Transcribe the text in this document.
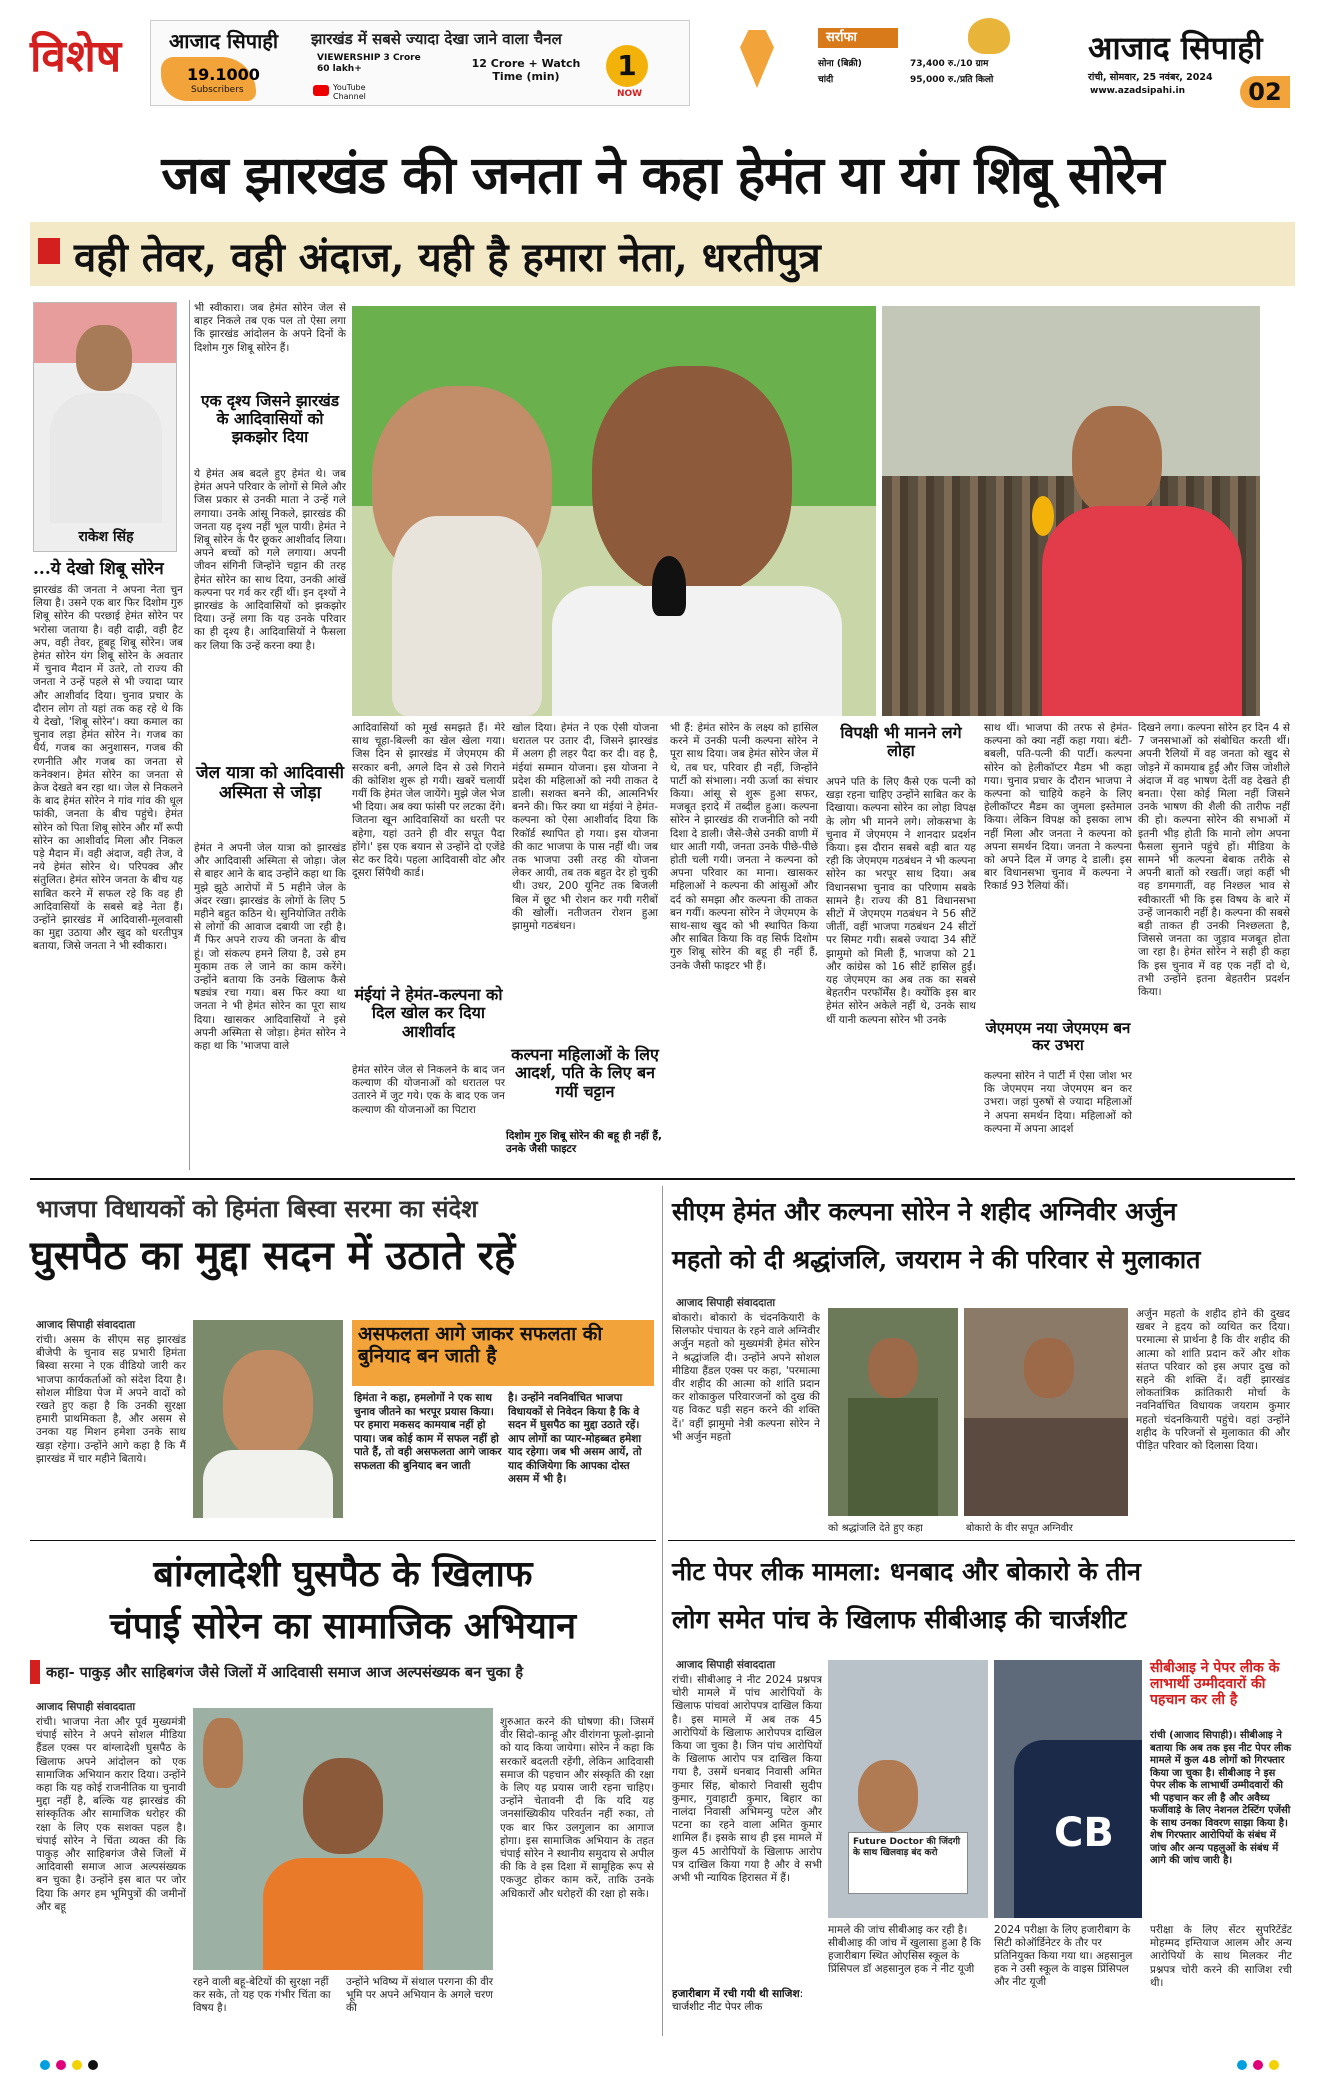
विशेष आजाद सिपाही
19.1000
Subscribers
झारखंड में सबसे ज्यादा देखा जाने वाला चैनल
VIEWERSHIP 3 Crore 60 lakh+	12 Crore + Watch Time (min)
YouTube Channel
1
NOW
सर्राफा
सोना (बिक्री)	73,400 रु./10 ग्राम
चांदी	95,000 रु./प्रति किलो
आजाद सिपाही
रांची, सोमवार, 25 नवंबर, 2024
www.azadsipahi.in	02
जब झारखंड की जनता ने कहा हेमंत या यंग शिबू सोरेन
वही तेवर, वही अंदाज, यही है हमारा नेता, धरतीपुत्र
राकेश सिंह
...ये देखो शिबू सोरेन
झारखंड की जनता ने अपना नेता चुन लिया है। उसने एक बार फिर दिशोम गुरु शिबू सोरेन की परछाई हेमंत सोरेन पर भरोसा जताया है। वही दाढ़ी, वही हैट अप, वही तेवर, हूबहू शिबू सोरेन। जब हेमंत सोरेन यंग शिबू सोरेन के अवतार में चुनाव मैदान में उतरे, तो राज्य की जनता ने उन्हें पहले से भी ज्यादा प्यार और आशीर्वाद दिया। चुनाव प्रचार के दौरान लोग तो यहां तक कह रहे थे कि ये देखो, 'शिबू सोरेन'। क्या कमाल का चुनाव लड़ा हेमंत सोरेन ने। गजब का धैर्य, गजब का अनुशासन, गजब की रणनीति और गजब का जनता से कनेक्शन। हेमंत सोरेन का जनता से क्रेज देखते बन रहा था। जेल से निकलने के बाद हेमंत सोरेन ने गांव गांव की धूल फांकी, जनता के बीच पहुंचे। हेमंत सोरेन को पिता शिबू सोरेन और माँ रूपी सोरेन का आशीर्वाद मिला और निकल पड़े मैदान में। वही अंदाज, वही तेज, वे नये हेमंत सोरेन थे। परिपक्व और संतुलित। हेमंत सोरेन जनता के बीच यह साबित करने में सफल रहे कि वह ही आदिवासियों के सबसे बड़े नेता हैं। उन्होंने झारखंड में आदिवासी-मूलवासी का मुद्दा उठाया और खुद को धरतीपुत्र बताया, जिसे जनता ने भी स्वीकारा।
भी स्वीकारा। जब हेमंत सोरेन जेल से बाहर निकले तब एक पल तो ऐसा लगा कि झारखंड आंदोलन के अपने दिनों के दिशोम गुरु शिबू सोरेन हैं।
एक दृश्य जिसने झारखंड के आदिवासियों को झकझोर दिया
ये हेमंत अब बदले हुए हेमंत थे। जब हेमंत अपने परिवार के लोगों से मिले और जिस प्रकार से उनकी माता ने उन्हें गले लगाया। उनके आंसू निकले, झारखंड की जनता यह दृश्य नहीं भूल पायी। हेमंत ने शिबू सोरेन के पैर छूकर आशीर्वाद लिया। अपने बच्चों को गले लगाया। अपनी जीवन संगिनी जिन्होंने चट्टान की तरह हेमंत सोरेन का साथ दिया, उनकी आंखें कल्पना पर गर्व कर रहीं थीं। इन दृश्यों ने झारखंड के आदिवासियों को झकझोर दिया। उन्हें लगा कि यह उनके परिवार का ही दृश्य है। आदिवासियों ने फैसला कर लिया कि उन्हें करना क्या है।
जेल यात्रा को आदिवासी अस्मिता से जोड़ा
हेमंत ने अपनी जेल यात्रा को झारखंड और आदिवासी अस्मिता से जोड़ा। जेल से बाहर आने के बाद उन्होंने कहा था कि मुझे झूठे आरोपों में 5 महीने जेल के अंदर रखा। झारखंड के लोगों के लिए 5 महीने बहुत कठिन थे। सुनियोजित तरीके से लोगों की आवाज दबायी जा रही है। मैं फिर अपने राज्य की जनता के बीच हूं। जो संकल्प हमने लिया है, उसे हम मुकाम तक ले जाने का काम करेंगे। उन्होंने बताया कि उनके खिलाफ कैसे षड्यंत्र रचा गया। बस फिर क्या था जनता ने भी हेमंत सोरेन का पूरा साथ दिया। खासकर आदिवासियों ने इसे अपनी अस्मिता से जोड़ा। हेमंत सोरेन ने कहा था कि 'भाजपा वाले
आदिवासियों को मूर्ख समझते हैं। मेरे साथ चूहा-बिल्ली का खेल खेला गया। जिस दिन से झारखंड में जेएमएम की सरकार बनी, अगले दिन से उसे गिराने की कोशिश शुरू हो गयी। खबरें चलायीं गयीं कि हेमंत जेल जायेंगे। मुझे जेल भेज भी दिया। अब क्या फांसी पर लटका देंगे। जितना खून आदिवासियों का धरती पर बहेगा, यहां उतने ही वीर सपूत पैदा होंगे।' इस एक बयान से उन्होंने दो एजेंडे सेट कर दिये। पहला आदिवासी वोट और दूसरा सिंपैथी कार्ड।
मंईयां ने हेमंत-कल्पना को दिल खोल कर दिया आशीर्वाद
हेमंत सोरेन जेल से निकलने के बाद जन कल्याण की योजनाओं को धरातल पर उतारने में जुट गये। एक के बाद एक जन कल्याण की योजनाओं का पिटारा
खोल दिया। हेमंत ने एक ऐसी योजना धरातल पर उतार दी, जिसने झारखंड में अलग ही लहर पैदा कर दी। वह है, मंईयां सम्मान योजना। इस योजना ने प्रदेश की महिलाओं को नयी ताकत दे डाली। सशक्त बनने की, आत्मनिर्भर बनने की। फिर क्या था मंईयां ने हेमंत-कल्पना को ऐसा आशीर्वाद दिया कि रिकॉर्ड स्थापित हो गया। इस योजना की काट भाजपा के पास नहीं थी। जब तक भाजपा उसी तरह की योजना लेकर आयी, तब तक बहुत देर हो चुकी थी। उधर, 200 यूनिट तक बिजली बिल में छूट भी रोशन कर गयी गरीबों की खोलीं। नतीजतन रोशन हुआ झामुमो गठबंधन।
कल्पना महिलाओं के लिए आदर्श, पति के लिए बन गयीं चट्टान
दिशोम गुरु शिबू सोरेन की बहू ही नहीं हैं, उनके जैसी फाइटर
भी हैं: हेमंत सोरेन के लक्ष्य को हासिल करने में उनकी पत्नी कल्पना सोरेन ने पूरा साथ दिया। जब हेमंत सोरेन जेल में थे, तब घर, परिवार ही नहीं, जिन्होंने पार्टी को संभाला। नयी ऊर्जा का संचार किया। आंसू से शुरू हुआ सफर, मजबूत इरादे में तब्दील हुआ। कल्पना सोरेन ने झारखंड की राजनीति को नयी दिशा दे डाली। जैसे-जैसे उनकी वाणी में धार आती गयी, जनता उनके पीछे-पीछे होती चली गयी। जनता ने कल्पना को अपना परिवार का माना। खासकर महिलाओं ने कल्पना की आंसुओं और दर्द को समझा और कल्पना की ताकत बन गयीं। कल्पना सोरेन ने जेएमएम के साथ-साथ खुद को भी स्थापित किया और साबित किया कि वह सिर्फ दिशोम गुरु शिबू सोरेन की बहू ही नहीं हैं, उनके जैसी फाइटर भी हैं।
विपक्षी भी मानने लगे लोहा
अपने पति के लिए कैसे एक पत्नी को खड़ा रहना चाहिए उन्होंने साबित कर के दिखाया। कल्पना सोरेन का लोहा विपक्ष के लोग भी मानने लगे। लोकसभा के चुनाव में जेएमएम ने शानदार प्रदर्शन किया। इस दौरान सबसे बड़ी बात यह रही कि जेएमएम गठबंधन ने भी कल्पना सोरेन का भरपूर साथ दिया। अब विधानसभा चुनाव का परिणाम सबके सामने है। राज्य की 81 विधानसभा सीटों में जेएमएम गठबंधन ने 56 सीटें जीतीं, वहीं भाजपा गठबंधन 24 सीटों पर सिमट गयी। सबसे ज्यादा 34 सीटें झामुमो को मिली हैं, भाजपा को 21 और कांग्रेस को 16 सीटें हासिल हुईं। यह जेएमएम का अब तक का सबसे बेहतरीन परफॉर्मेंस है। क्योंकि इस बार हेमंत सोरेन अकेले नहीं थे, उनके साथ थीं यानी कल्पना सोरेन भी उनके
साथ थीं। भाजपा की तरफ से हेमंत-कल्पना को क्या नहीं कहा गया। बंटी-बबली, पति-पत्नी की पार्टी। कल्पना सोरेन को हेलीकॉप्टर मैडम भी कहा गया। चुनाव प्रचार के दौरान भाजपा ने कल्पना को चाहिये कहने के लिए हेलीकॉप्टर मैडम का जुमला इस्तेमाल किया। लेकिन विपक्ष को इसका लाभ नहीं मिला और जनता ने कल्पना को अपना समर्थन दिया। जनता ने कल्पना को अपने दिल में जगह दे डाली। इस बार विधानसभा चुनाव में कल्पना ने रिकार्ड 93 रैलियां कीं।
जेएमएम नया जेएमएम बन कर उभरा
कल्पना सोरेन ने पार्टी में ऐसा जोश भर कि जेएमएम नया जेएमएम बन कर उभरा। जहां पुरुषों से ज्यादा महिलाओं ने अपना समर्थन दिया। महिलाओं को कल्पना में अपना आदर्श
दिखने लगा। कल्पना सोरेन हर दिन 4 से 7 जनसभाओं को संबोधित करती थीं। अपनी रैलियों में वह जनता को खुद से जोड़ने में कामयाब हुईं और जिस जोशीले अंदाज में वह भाषण देतीं वह देखते ही बनता। ऐसा कोई मिला नहीं जिसने उनके भाषण की शैली की तारीफ नहीं की हो। कल्पना सोरेन की सभाओं में इतनी भीड़ होती कि मानो लोग अपना फैसला सुनाने पहुंचे हों। मीडिया के सामने भी कल्पना बेबाक तरीके से अपनी बातों को रखतीं। जहां कहीं भी वह डगमगातीं, वह निश्छल भाव से स्वीकारतीं भी कि इस विषय के बारे में उन्हें जानकारी नहीं है। कल्पना की सबसे बड़ी ताकत ही उनकी निश्छलता है, जिससे जनता का जुड़ाव मजबूत होता जा रहा है। हेमंत सोरेन ने सही ही कहा कि इस चुनाव में वह एक नहीं दो थे, तभी उन्होंने इतना बेहतरीन प्रदर्शन किया।
भाजपा विधायकों को हिमंता बिस्वा सरमा का संदेश
घुसपैठ का मुद्दा सदन में उठाते रहें
आजाद सिपाही संवाददाता
रांची। असम के सीएम सह झारखंड बीजेपी के चुनाव सह प्रभारी हिमंता बिस्वा सरमा ने एक वीडियो जारी कर भाजपा कार्यकर्ताओं को संदेश दिया है। सोशल मीडिया पेज में अपने वादों को रखते हुए कहा है कि उनकी सुरक्षा हमारी प्राथमिकता है, और असम से उनका यह मिशन हमेशा उनके साथ खड़ा रहेगा। उन्होंने आगे कहा है कि मैं झारखंड में चार महीने बिताये।
असफलता आगे जाकर सफलता की बुनियाद बन जाती है
हिमंता ने कहा, हमलोगों ने एक साथ चुनाव जीतने का भरपूर प्रयास किया। पर हमारा मकसद कामयाब नहीं हो पाया। जब कोई काम में सफल नहीं हो पाते हैं, तो वही असफलता आगे जाकर सफलता की बुनियाद बन जाती
है। उन्होंने नवनिर्वाचित भाजपा विधायकों से निवेदन किया है कि वे सदन में घुसपैठ का मुद्दा उठाते रहें। आप लोगों का प्यार-मोहब्बत हमेशा याद रहेगा। जब भी असम आयें, तो याद कीजियेगा कि आपका दोस्त असम में भी है।
सीएम हेमंत और कल्पना सोरेन ने शहीद अग्निवीर अर्जुन
महतो को दी श्रद्धांजलि, जयराम ने की परिवार से मुलाकात
आजाद सिपाही संवाददाता
बोकारो। बोकारो के चंदनकियारी के सिलफोर पंचायत के रहने वाले अग्निवीर अर्जुन महतो को मुख्यमंत्री हेमंत सोरेन ने श्रद्धांजलि दी। उन्होंने अपने सोशल मीडिया हैंडल एक्स पर कहा, 'परमात्मा वीर शहीद की आत्मा को शांति प्रदान कर शोकाकुल परिवारजनों को दुख की यह विकट घड़ी सहन करने की शक्ति दें।' वहीं झामुमो नेत्री कल्पना सोरेन ने भी अर्जुन महतो
को श्रद्धांजलि देते हुए कहा	बोकारो के वीर सपूत अग्निवीर
अर्जुन महतो के शहीद होने की दुखद खबर ने हृदय को व्यथित कर दिया। परमात्मा से प्रार्थना है कि वीर शहीद की आत्मा को शांति प्रदान करें और शोक संतप्त परिवार को इस अपार दुख को सहने की शक्ति दें। वहीं झारखंड लोकतांत्रिक क्रांतिकारी मोर्चा के नवनिर्वाचित विधायक जयराम कुमार महतो चंदनकियारी पहुंचे। वहां उन्होंने शहीद के परिजनों से मुलाकात की और पीड़ित परिवार को दिलासा दिया।
बांग्लादेशी घुसपैठ के खिलाफ
चंपाई सोरेन का सामाजिक अभियान
कहा- पाकुड़ और साहिबगंज जैसे जिलों में आदिवासी समाज आज अल्पसंख्यक बन चुका है
आजाद सिपाही संवाददाता
रांची। भाजपा नेता और पूर्व मुख्यमंत्री चंपाई सोरेन ने अपने सोशल मीडिया हैंडल एक्स पर बांग्लादेशी घुसपैठ के खिलाफ अपने आंदोलन को एक सामाजिक अभियान करार दिया। उन्होंने कहा कि यह कोई राजनीतिक या चुनावी मुद्दा नहीं है, बल्कि यह झारखंड की सांस्कृतिक और सामाजिक धरोहर की रक्षा के लिए एक सशक्त पहल है। चंपाई सोरेन ने चिंता व्यक्त की कि पाकुड़ और साहिबगंज जैसे जिलों में आदिवासी समाज आज अल्पसंख्यक बन चुका है। उन्होंने इस बात पर जोर दिया कि अगर हम भूमिपुत्रों की जमीनों और बहू
रहने वाली बहू-बेटियों की सुरक्षा नहीं कर सके, तो यह एक गंभीर चिंता का विषय है।
उन्होंने भविष्य में संथाल परगना की वीर भूमि पर अपने अभियान के अगले चरण की
शुरुआत करने की घोषणा की। जिसमें वीर सिदो-कान्हू और वीरांगना फूलो-झानो को याद किया जायेगा। सोरेन ने कहा कि सरकारें बदलती रहेंगी, लेकिन आदिवासी समाज की पहचान और संस्कृति की रक्षा के लिए यह प्रयास जारी रहना चाहिए। उन्होंने चेतावनी दी कि यदि यह जनसांख्यिकीय परिवर्तन नहीं रुका, तो एक बार फिर उलगुलान का आगाज होगा। इस सामाजिक अभियान के तहत चंपाई सोरेन ने स्थानीय समुदाय से अपील की कि वे इस दिशा में सामूहिक रूप से एकजुट होकर काम करें, ताकि उनके अधिकारों और धरोहरों की रक्षा हो सके।
नीट पेपर लीक मामला: धनबाद और बोकारो के तीन
लोग समेत पांच के खिलाफ सीबीआइ की चार्जशीट
आजाद सिपाही संवाददाता
रांची। सीबीआइ ने नीट 2024 प्रश्नपत्र चोरी मामले में पांच आरोपियों के खिलाफ पांचवां आरोपपत्र दाखिल किया है। इस मामले में अब तक 45 आरोपियों के खिलाफ आरोपपत्र दाखिल किया जा चुका है। जिन पांच आरोपियों के खिलाफ आरोप पत्र दाखिल किया गया है, उसमें धनबाद निवासी अमित कुमार सिंह, बोकारो निवासी सुदीप कुमार, गुवाहाटी कुमार, बिहार का नालंदा निवासी अभिमन्यु पटेल और पटना का रहने वाला अमित कुमार शामिल हैं। इसके साथ ही इस मामले में कुल 45 आरोपियों के खिलाफ आरोप पत्र दाखिल किया गया है और वे सभी अभी भी न्यायिक हिरासत में हैं।
हजारीबाग में रची गयी थी साजिश: चार्जशीट नीट पेपर लीक
Future Doctor की जिंदगी के साथ खिलवाड़ बंद करो	CB
मामले की जांच सीबीआइ कर रही है। सीबीआइ की जांच में खुलासा हुआ है कि हजारीबाग स्थित ओएसिस स्कूल के प्रिंसिपल डॉ अहसानुल हक ने नीट यूजी
2024 परीक्षा के लिए हजारीबाग के सिटी कोऑर्डिनेटर के तौर पर प्रतिनियुक्त किया गया था। अहसानुल हक ने उसी स्कूल के वाइस प्रिंसिपल और नीट यूजी
सीबीआइ ने पेपर लीक के लाभार्थी उम्मीदवारों की पहचान कर ली है
रांची (आजाद सिपाही)। सीबीआइ ने बताया कि अब तक इस नीट पेपर लीक मामले में कुल 48 लोगों को गिरफ्तार किया जा चुका है। सीबीआइ ने इस पेपर लीक के लाभार्थी उम्मीदवारों की भी पहचान कर ली है और अवैध्य फर्जीवाड़े के लिए नेशनल टेस्टिंग एजेंसी के साथ उनका विवरण साझा किया है। शेष गिरफ्तार आरोपियों के संबंध में जांच और अन्य पहलुओं के संबंध में आगे की जांच जारी है।
परीक्षा के लिए सेंटर सुपरिटेंडेंट मोहम्मद इम्तियाज आलम और अन्य आरोपियों के साथ मिलकर नीट प्रश्नपत्र चोरी करने की साजिश रची थी।
